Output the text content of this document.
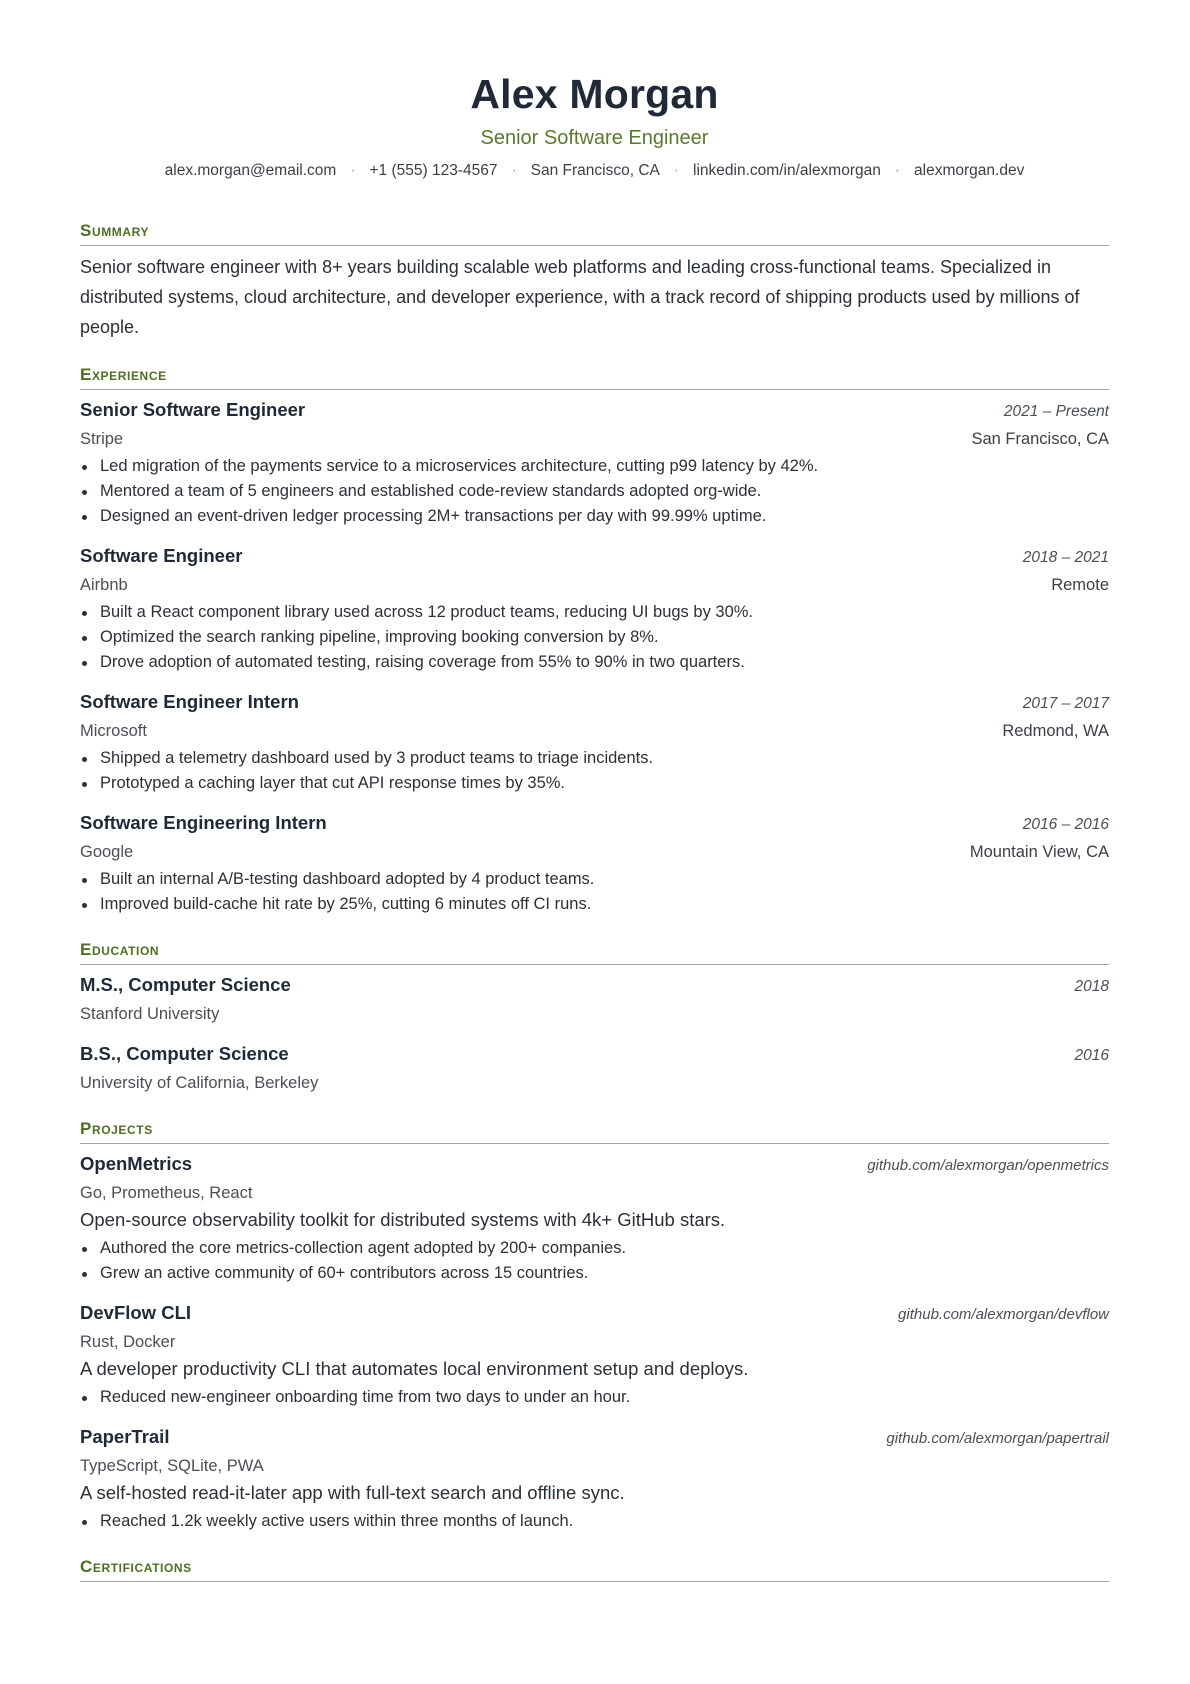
Alex Morgan
Senior Software Engineer
alex.morgan@email.com · +1 (555) 123-4567 · San Francisco, CA · linkedin.com/in/alexmorgan · alexmorgan.dev
Summary

Senior software engineer with 8+ years building scalable web platforms and leading cross-functional teams. Specialized in distributed systems, cloud architecture, and developer experience, with a track record of shipping products used by millions of people.

Experience
Senior Software Engineer	2021 – Present
Stripe	San Francisco, CA
Led migration of the payments service to a microservices architecture, cutting p99 latency by 42%.
Mentored a team of 5 engineers and established code-review standards adopted org-wide.
Designed an event-driven ledger processing 2M+ transactions per day with 99.99% uptime.
Software Engineer	2018 – 2021
Airbnb	Remote
Built a React component library used across 12 product teams, reducing UI bugs by 30%.
Optimized the search ranking pipeline, improving booking conversion by 8%.
Drove adoption of automated testing, raising coverage from 55% to 90% in two quarters.
Software Engineer Intern	2017 – 2017
Microsoft	Redmond, WA
Shipped a telemetry dashboard used by 3 product teams to triage incidents.
Prototyped a caching layer that cut API response times by 35%.
Software Engineering Intern	2016 – 2016
Google	Mountain View, CA
Built an internal A/B-testing dashboard adopted by 4 product teams.
Improved build-cache hit rate by 25%, cutting 6 minutes off CI runs.
Education
M.S., Computer Science	2018
Stanford University
B.S., Computer Science	2016
University of California, Berkeley
Projects
OpenMetrics	github.com/alexmorgan/openmetrics
Go, Prometheus, React
Open-source observability toolkit for distributed systems with 4k+ GitHub stars.
Authored the core metrics-collection agent adopted by 200+ companies.
Grew an active community of 60+ contributors across 15 countries.
DevFlow CLI	github.com/alexmorgan/devflow
Rust, Docker
A developer productivity CLI that automates local environment setup and deploys.
Reduced new-engineer onboarding time from two days to under an hour.
PaperTrail	github.com/alexmorgan/papertrail
TypeScript, SQLite, PWA
A self-hosted read-it-later app with full-text search and offline sync.
Reached 1.2k weekly active users within three months of launch.
Certifications
